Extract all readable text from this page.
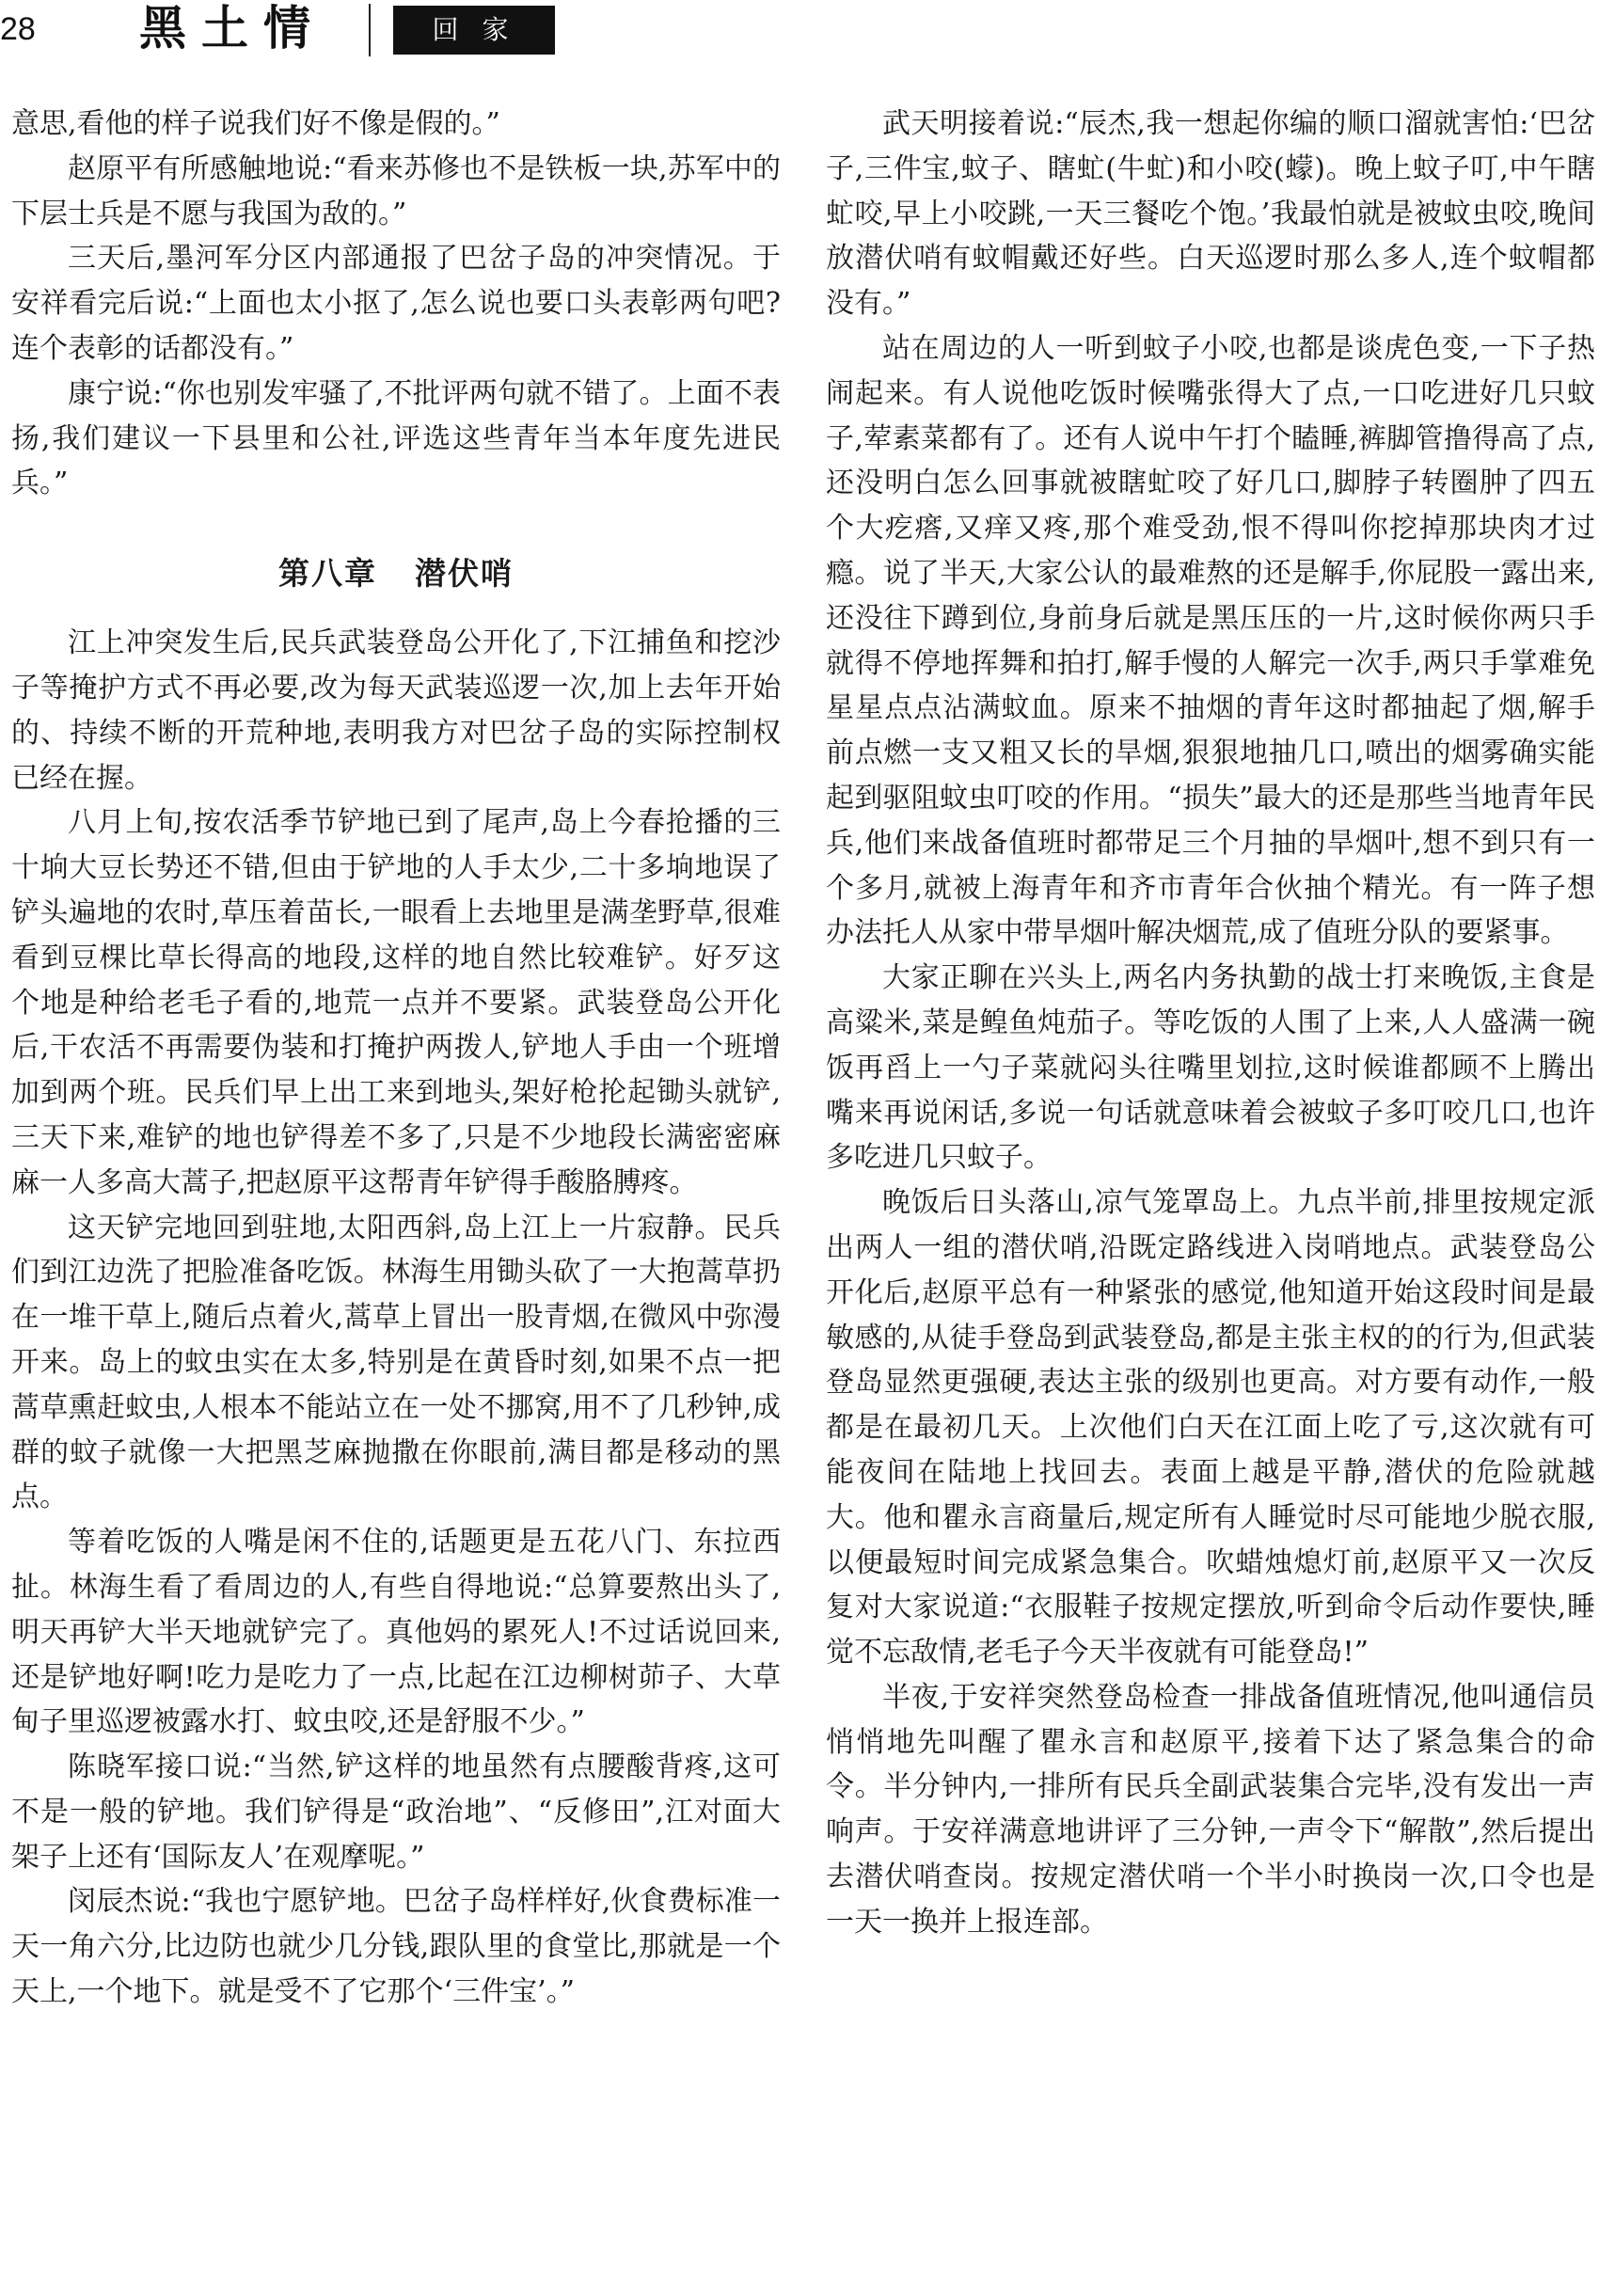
28 黑土情	回 家

意思,看他的样子说我们好不像是假的。”

赵原平有所感触地说:“看来苏修也不是铁板一块,苏军中的下层士兵是不愿与我国为敌的。”

三天后,墨河军分区内部通报了巴岔子岛的冲突情况。于安祥看完后说:“上面也太小抠了,怎么说也要口头表彰两句吧?连个表彰的话都没有。”

康宁说:“你也别发牢骚了,不批评两句就不错了。上面不表扬,我们建议一下县里和公社,评选这些青年当本年度先进民兵。”

第八章 潜伏哨

江上冲突发生后,民兵武装登岛公开化了,下江捕鱼和挖沙子等掩护方式不再必要,改为每天武装巡逻一次,加上去年开始的、持续不断的开荒种地,表明我方对巴岔子岛的实际控制权已经在握。

八月上旬,按农活季节铲地已到了尾声,岛上今春抢播的三十垧大豆长势还不错,但由于铲地的人手太少,二十多垧地误了铲头遍地的农时,草压着苗长,一眼看上去地里是满垄野草,很难看到豆棵比草长得高的地段,这样的地自然比较难铲。好歹这个地是种给老毛子看的,地荒一点并不要紧。武装登岛公开化后,干农活不再需要伪装和打掩护两拨人,铲地人手由一个班增加到两个班。民兵们早上出工来到地头,架好枪抡起锄头就铲,三天下来,难铲的地也铲得差不多了,只是不少地段长满密密麻麻一人多高大蒿子,把赵原平这帮青年铲得手酸胳膊疼。

这天铲完地回到驻地,太阳西斜,岛上江上一片寂静。民兵们到江边洗了把脸准备吃饭。林海生用锄头砍了一大抱蒿草扔在一堆干草上,随后点着火,蒿草上冒出一股青烟,在微风中弥漫开来。岛上的蚊虫实在太多,特别是在黄昏时刻,如果不点一把蒿草熏赶蚊虫,人根本不能站立在一处不挪窝,用不了几秒钟,成群的蚊子就像一大把黑芝麻抛撒在你眼前,满目都是移动的黑点。

等着吃饭的人嘴是闲不住的,话题更是五花八门、东拉西扯。林海生看了看周边的人,有些自得地说:“总算要熬出头了,明天再铲大半天地就铲完了。真他妈的累死人!不过话说回来,还是铲地好啊!吃力是吃力了一点,比起在江边柳树茆子、大草甸子里巡逻被露水打、蚊虫咬,还是舒服不少。”

陈晓军接口说:“当然,铲这样的地虽然有点腰酸背疼,这可不是一般的铲地。我们铲得是“政治地”、“反修田”,江对面大架子上还有‘国际友人’在观摩呢。”

闵辰杰说:“我也宁愿铲地。巴岔子岛样样好,伙食费标准一天一角六分,比边防也就少几分钱,跟队里的食堂比,那就是一个天上,一个地下。就是受不了它那个‘三件宝’。”

武天明接着说:“辰杰,我一想起你编的顺口溜就害怕:‘巴岔子,三件宝,蚊子、瞎虻(牛虻)和小咬(蠓)。晚上蚊子叮,中午瞎虻咬,早上小咬跳,一天三餐吃个饱。’我最怕就是被蚊虫咬,晚间放潜伏哨有蚊帽戴还好些。白天巡逻时那么多人,连个蚊帽都没有。”

站在周边的人一听到蚊子小咬,也都是谈虎色变,一下子热闹起来。有人说他吃饭时候嘴张得大了点,一口吃进好几只蚊子,荤素菜都有了。还有人说中午打个瞌睡,裤脚管撸得高了点,还没明白怎么回事就被瞎虻咬了好几口,脚脖子转圈肿了四五个大疙瘩,又痒又疼,那个难受劲,恨不得叫你挖掉那块肉才过瘾。说了半天,大家公认的最难熬的还是解手,你屁股一露出来,还没往下蹲到位,身前身后就是黑压压的一片,这时候你两只手就得不停地挥舞和拍打,解手慢的人解完一次手,两只手掌难免星星点点沾满蚊血。原来不抽烟的青年这时都抽起了烟,解手前点燃一支又粗又长的旱烟,狠狠地抽几口,喷出的烟雾确实能起到驱阻蚊虫叮咬的作用。“损失”最大的还是那些当地青年民兵,他们来战备值班时都带足三个月抽的旱烟叶,想不到只有一个多月,就被上海青年和齐市青年合伙抽个精光。有一阵子想办法托人从家中带旱烟叶解决烟荒,成了值班分队的要紧事。

大家正聊在兴头上,两名内务执勤的战士打来晚饭,主食是高粱米,菜是鳇鱼炖茄子。等吃饭的人围了上来,人人盛满一碗饭再舀上一勺子菜就闷头往嘴里划拉,这时候谁都顾不上腾出嘴来再说闲话,多说一句话就意味着会被蚊子多叮咬几口,也许多吃进几只蚊子。

晚饭后日头落山,凉气笼罩岛上。九点半前,排里按规定派出两人一组的潜伏哨,沿既定路线进入岗哨地点。武装登岛公开化后,赵原平总有一种紧张的感觉,他知道开始这段时间是最敏感的,从徒手登岛到武装登岛,都是主张主权的的行为,但武装登岛显然更强硬,表达主张的级别也更高。对方要有动作,一般都是在最初几天。上次他们白天在江面上吃了亏,这次就有可能夜间在陆地上找回去。表面上越是平静,潜伏的危险就越大。他和瞿永言商量后,规定所有人睡觉时尽可能地少脱衣服,以便最短时间完成紧急集合。吹蜡烛熄灯前,赵原平又一次反复对大家说道:“衣服鞋子按规定摆放,听到命令后动作要快,睡觉不忘敌情,老毛子今天半夜就有可能登岛!”

半夜,于安祥突然登岛检查一排战备值班情况,他叫通信员悄悄地先叫醒了瞿永言和赵原平,接着下达了紧急集合的命令。半分钟内,一排所有民兵全副武装集合完毕,没有发出一声响声。于安祥满意地讲评了三分钟,一声令下“解散”,然后提出去潜伏哨查岗。按规定潜伏哨一个半小时换岗一次,口令也是一天一换并上报连部。
